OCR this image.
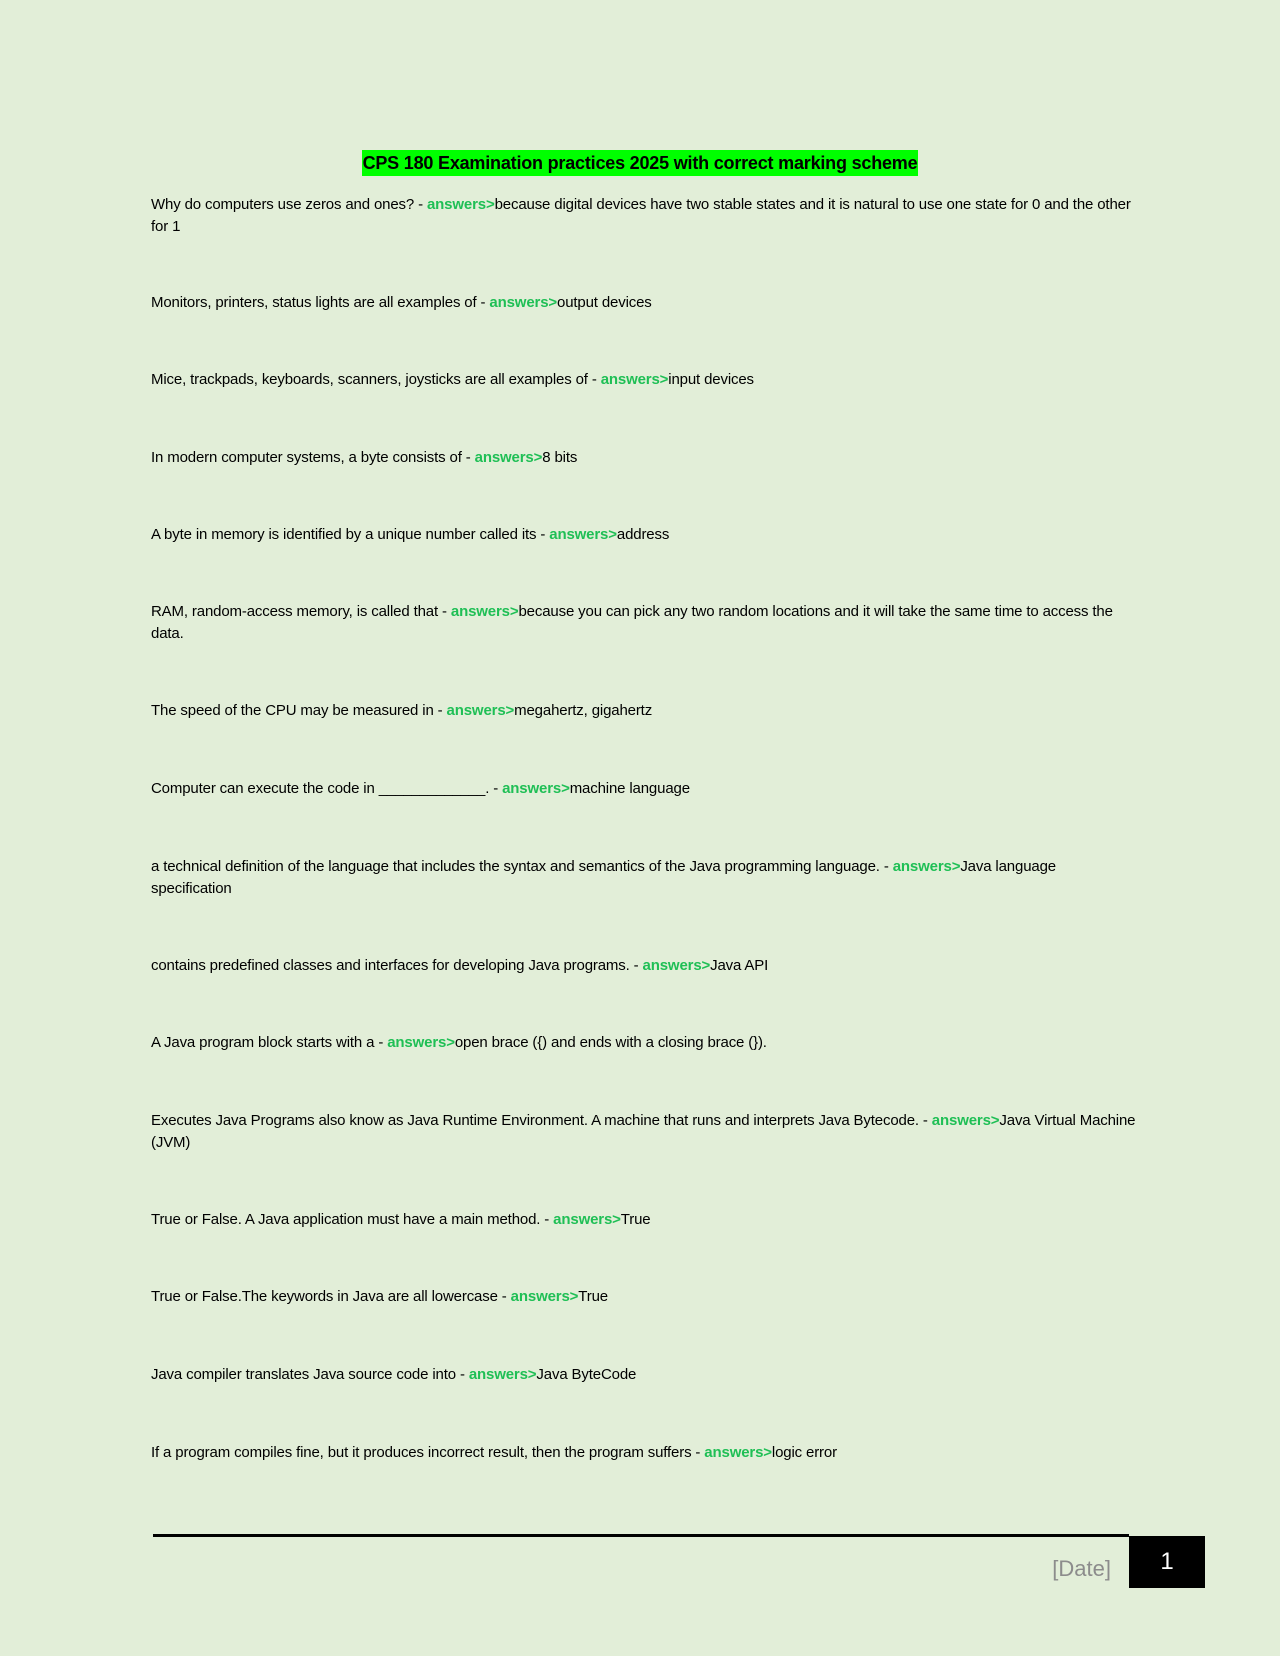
CPS 180 Examination practices 2025 with correct marking scheme

Why do computers use zeros and ones? - answers>because digital devices have two stable states and it is natural to use one state for 0 and the other for 1

Monitors, printers, status lights are all examples of - answers>output devices

Mice, trackpads, keyboards, scanners, joysticks are all examples of - answers>input devices

In modern computer systems, a byte consists of - answers>8 bits

A byte in memory is identified by a unique number called its - answers>address

RAM, random-access memory, is called that - answers>because you can pick any two random locations and it will take the same time to access the data.

The speed of the CPU may be measured in - answers>megahertz, gigahertz

Computer can execute the code in _____________. - answers>machine language

a technical definition of the language that includes the syntax and semantics of the Java programming language. - answers>Java language specification

contains predefined classes and interfaces for developing Java programs. - answers>Java API

A Java program block starts with a - answers>open brace ({) and ends with a closing brace (}).

Executes Java Programs also know as Java Runtime Environment. A machine that runs and interprets Java Bytecode. - answers>Java Virtual Machine (JVM)

True or False. A Java application must have a main method. - answers>True

True or False.The keywords in Java are all lowercase - answers>True

Java compiler translates Java source code into - answers>Java ByteCode

If a program compiles fine, but it produces incorrect result, then the program suffers - answers>logic error

[Date]	1
